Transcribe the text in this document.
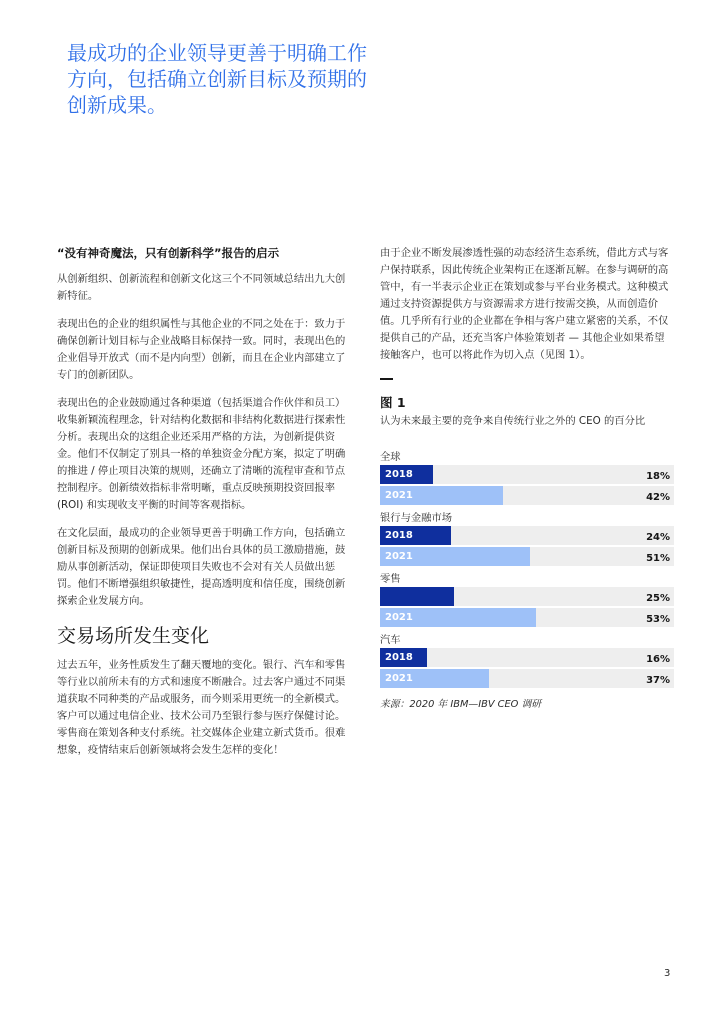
最成功的企业领导更善于明确工作方向，包括确立创新目标及预期的创新成果。
“没有神奇魔法，只有创新科学”报告的启示

从创新组织、创新流程和创新文化这三个不同领域总结出九大创新特征。

表现出色的企业的组织属性与其他企业的不同之处在于：致力于确保创新计划目标与企业战略目标保持一致。同时，表现出色的企业倡导开放式（而不是内向型）创新，而且在企业内部建立了专门的创新团队。

表现出色的企业鼓励通过各种渠道（包括渠道合作伙伴和员工）收集新颖流程理念，针对结构化数据和非结构化数据进行探索性分析。表现出众的这组企业还采用严格的方法，为创新提供资金。他们不仅制定了别具一格的单独资金分配方案，拟定了明确的推进 / 停止项目决策的规则，还确立了清晰的流程审查和节点控制程序。创新绩效指标非常明晰，重点反映预期投资回报率 (ROI) 和实现收支平衡的时间等客观指标。

在文化层面，最成功的企业领导更善于明确工作方向，包括确立创新目标及预期的创新成果。他们出台具体的员工激励措施，鼓励从事创新活动，保证即使项目失败也不会对有关人员做出惩罚。他们不断增强组织敏捷性，提高透明度和信任度，围绕创新探索企业发展方向。

交易场所发生变化

过去五年，业务性质发生了翻天覆地的变化。银行、汽车和零售等行业以前所未有的方式和速度不断融合。过去客户通过不同渠道获取不同种类的产品或服务，而今则采用更统一的全新模式。客户可以通过电信企业、技术公司乃至银行参与医疗保健讨论。零售商在策划各种支付系统。社交媒体企业建立新式货币。很难想象，疫情结束后创新领域将会发生怎样的变化！

由于企业不断发展渗透性强的动态经济生态系统，借此方式与客户保持联系，因此传统企业架构正在逐渐瓦解。在参与调研的高管中，有一半表示企业正在策划或参与平台业务模式。这种模式通过支持资源提供方与资源需求方进行按需交换，从而创造价值。几乎所有行业的企业都在争相与客户建立紧密的关系，不仅提供自己的产品，还充当客户体验策划者 — 其他企业如果希望接触客户，也可以将此作为切入点（见图 1）。

图 1
认为未来最主要的竞争来自传统行业之外的 CEO 的百分比
全球
2018	18%
2021	42%
银行与金融市场
2018	24%
2021	51%
零售
25%
2021	53%
汽车
2018	16%
2021	37%
来源：2020 年 IBM—IBV CEO 调研
3
